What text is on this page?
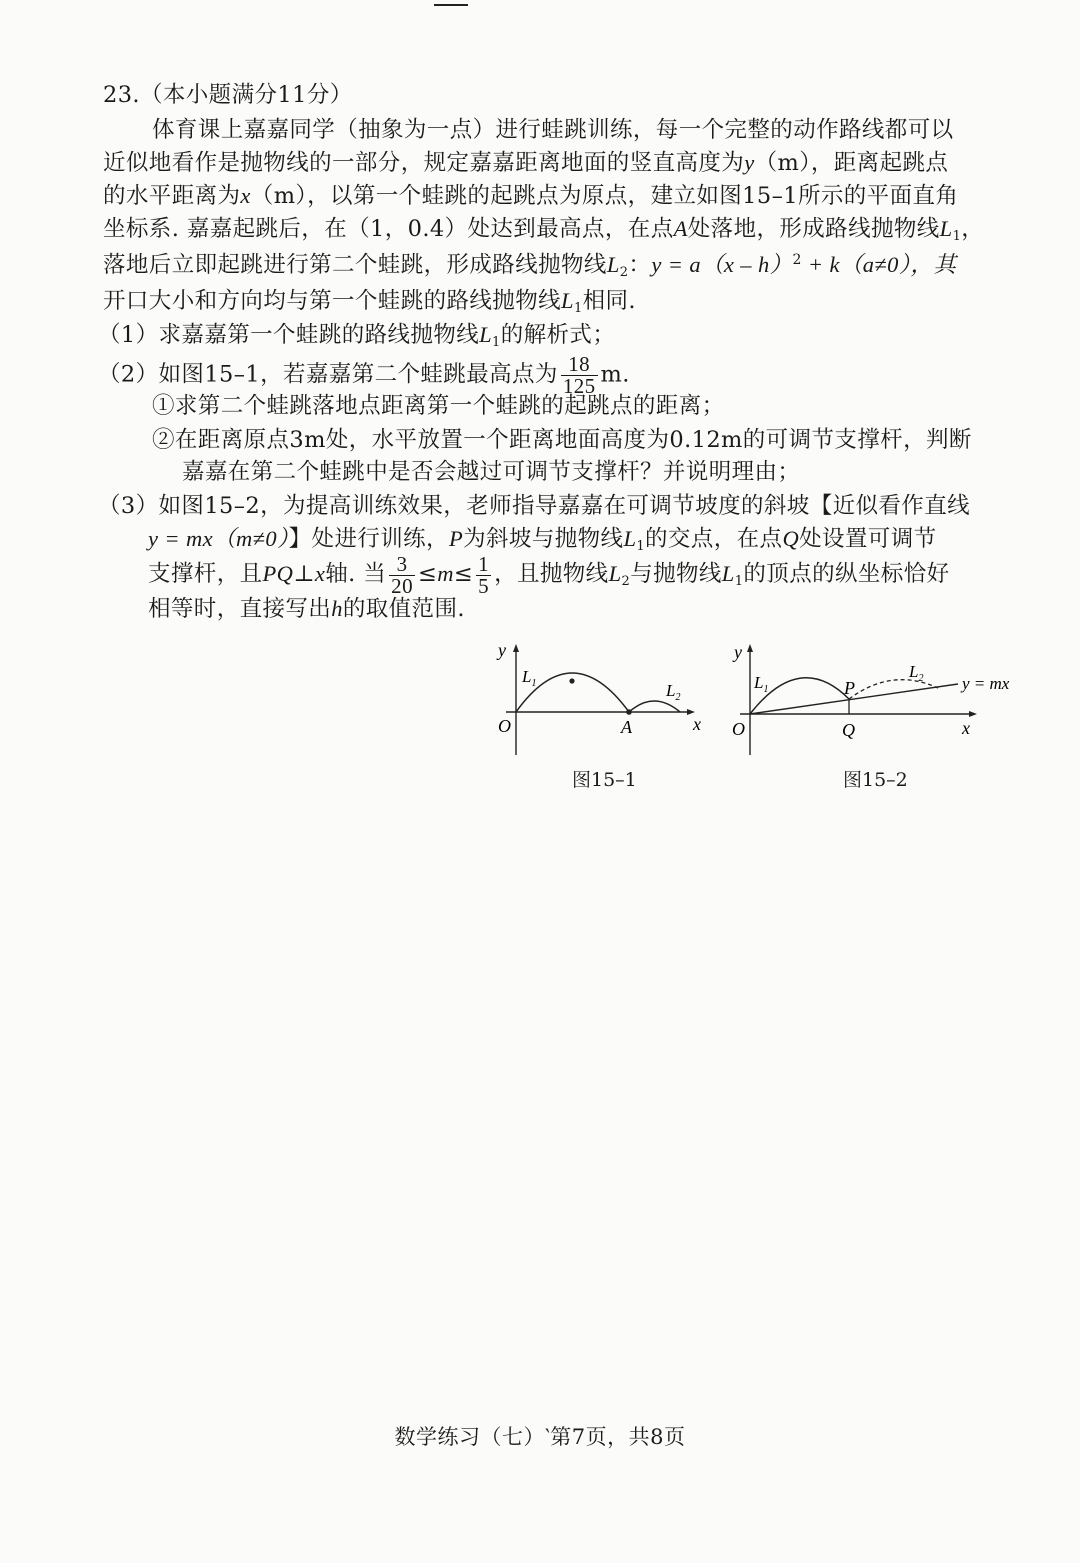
23.（本小题满分11分）
体育课上嘉嘉同学（抽象为一点）进行蛙跳训练，每一个完整的动作路线都可以
近似地看作是抛物线的一部分，规定嘉嘉距离地面的竖直高度为y（m），距离起跳点
的水平距离为x（m），以第一个蛙跳的起跳点为原点，建立如图15–1所示的平面直角
坐标系. 嘉嘉起跳后，在（1，0.4）处达到最高点，在点A处落地，形成路线抛物线$L_1$，
落地后立即起跳进行第二个蛙跳，形成路线抛物线$L_2$：y = a（x – h）$^2$ + k（a≠0），其
开口大小和方向均与第一个蛙跳的路线抛物线$L_1$相同.
（1）求嘉嘉第一个蛙跳的路线抛物线$L_1$的解析式；
（2）如图15–1，若嘉嘉第二个蛙跳最高点为 $\frac{18}{125} m$.
①求第二个蛙跳落地点距离第一个蛙跳的起跳点的距离；
②在距离原点3m处，水平放置一个距离地面高度为0.12m的可调节支撑杆，判断
嘉嘉在第二个蛙跳中是否会越过可调节支撑杆？并说明理由；
（3）如图15–2，为提高训练效果，老师指导嘉嘉在可调节坡度的斜坡【近似看作直线
y = mx（m≠0）】处进行训练，P为斜坡与抛物线$L_1$的交点，在点Q处设置可调节
支撑杆，且PQ⊥x轴. 当 $\frac{3}{20} \le m\le \frac{1}{5}$ ，且抛物线$L_2$与抛物线$L_1$的顶点的纵坐标恰好
相等时，直接写出h的取值范围.
y
x
O	A
$L_1$	$L_2$
图15–1
y
x
O
P
Q
y = mx
$L_1$
$L_2$
图15–2
数学练习（七）‵第7页，共8页
